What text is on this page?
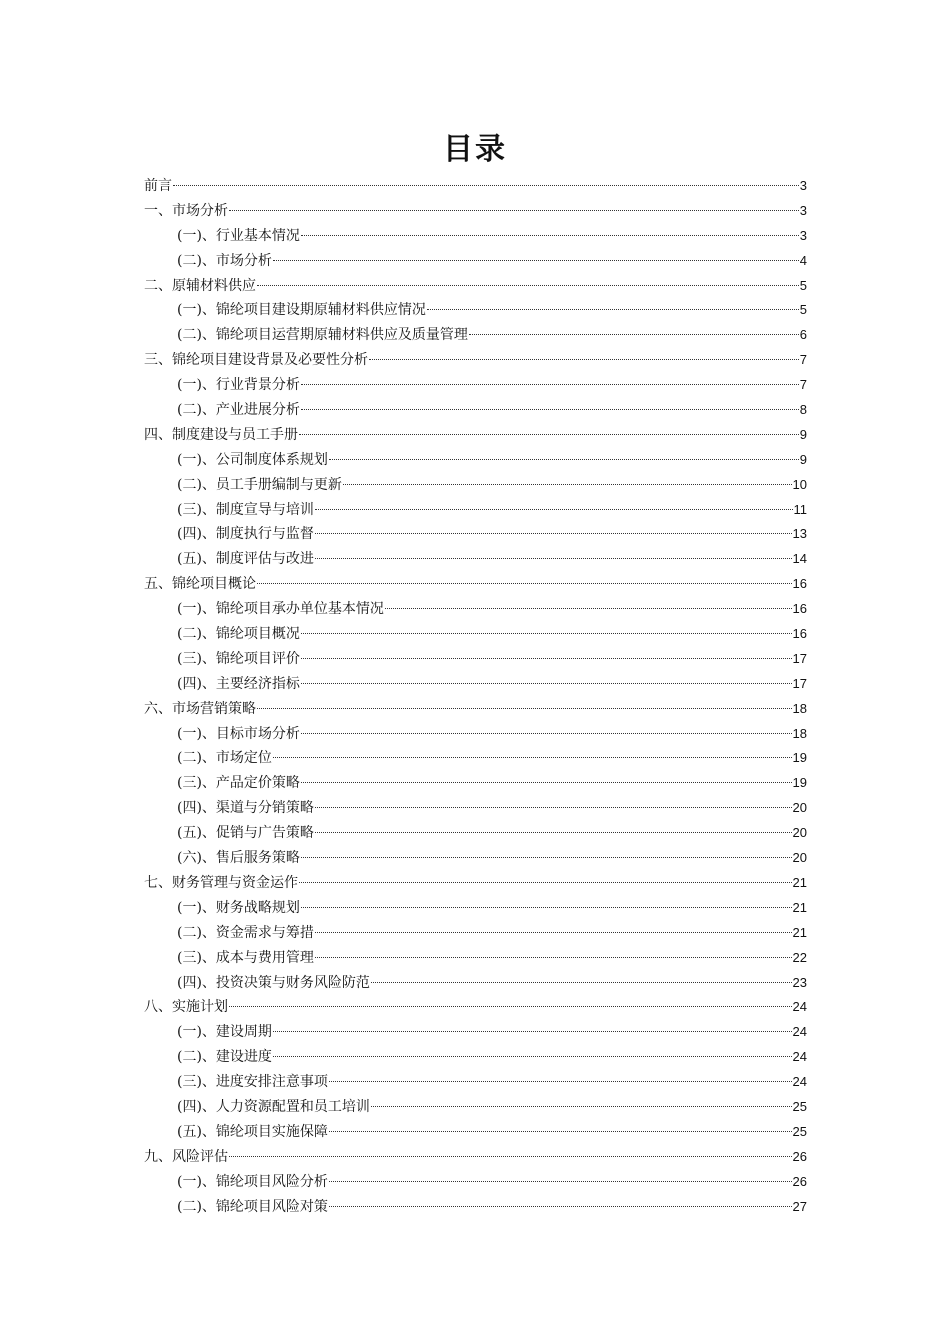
目录
前言	3
一、市场分析	3
(一)、行业基本情况	3
(二)、市场分析	4
二、原辅材料供应	5
(一)、锦纶项目建设期原辅材料供应情况	5
(二)、锦纶项目运营期原辅材料供应及质量管理	6
三、锦纶项目建设背景及必要性分析	7
(一)、行业背景分析	7
(二)、产业进展分析	8
四、制度建设与员工手册	9
(一)、公司制度体系规划	9
(二)、员工手册编制与更新	10
(三)、制度宣导与培训	11
(四)、制度执行与监督	13
(五)、制度评估与改进	14
五、锦纶项目概论	16
(一)、锦纶项目承办单位基本情况	16
(二)、锦纶项目概况	16
(三)、锦纶项目评价	17
(四)、主要经济指标	17
六、市场营销策略	18
(一)、目标市场分析	18
(二)、市场定位	19
(三)、产品定价策略	19
(四)、渠道与分销策略	20
(五)、促销与广告策略	20
(六)、售后服务策略	20
七、财务管理与资金运作	21
(一)、财务战略规划	21
(二)、资金需求与筹措	21
(三)、成本与费用管理	22
(四)、投资决策与财务风险防范	23
八、实施计划	24
(一)、建设周期	24
(二)、建设进度	24
(三)、进度安排注意事项	24
(四)、人力资源配置和员工培训	25
(五)、锦纶项目实施保障	25
九、风险评估	26
(一)、锦纶项目风险分析	26
(二)、锦纶项目风险对策	27
